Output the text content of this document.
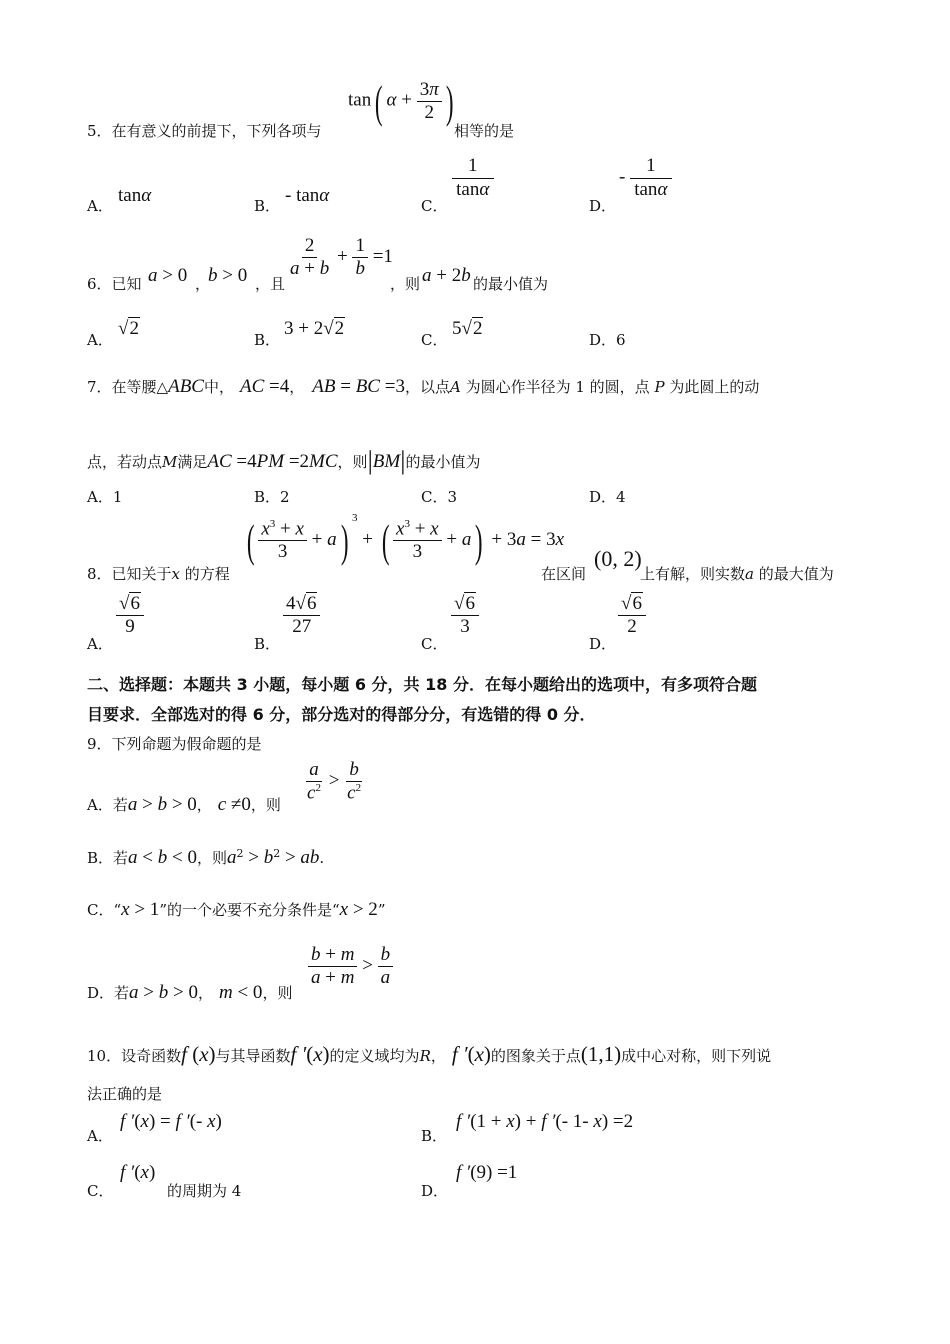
5．在有意义的前提下，下列各项与
tan( $\alpha + \frac{3\pi}{2}$ )
相等的是
A． tanα	B． - tanα	C．
$\frac{1}{\tan\alpha}$
D．
- $\frac{1}{\tan\alpha}$
6．已知 a > 0 ，
b > 0 ，且
$\frac{2}{a + b} + \frac{1}{b} =1$
，则 a + 2b 的最小值为
A．
√2
B．
3 + 2√2
C．
5√2
D．6
7．在等腰△ABC中， AC =4， AB = BC =3，以点A 为圆心作半径为 1 的圆，点 P 为此圆上的动
点，若动点M满足AC =4PM =2MC，则|BM|的最小值为
A．1	B．2	C．3	D．4
8．已知关于x 的方程
( $\frac{x^3 + x}{3} + a$) $^3$ + ( $\frac{x^3 + x}{3} + a) + 3a = 3x$
在区间
(0, 2)
上有解，则实数a 的最大值为
A．
$\frac{√6}{9}$
B．
$\frac{4√6}{27}$
C．
$\frac{√6}{3}$
D．
$\frac{√6}{2}$
二、选择题：本题共 3 小题，每小题 6 分，共 18 分．在每小题给出的选项中，有多项符合题
目要求．全部选对的得 6 分，部分选对的得部分分，有选错的得 0 分．
9．下列命题为假命题的是
A．若a > b > 0， c ≠0，则
$\frac{a}{c^2} > \frac{b}{c^2}$
B．若a < b < 0，则$a^2 > b^2$ > ab.
C．“x > 1”的一个必要不充分条件是“x > 2”
D．若a > b > 0， m < 0，则
$\frac{b + m}{a + m} > \frac{b}{a}$
10．设奇函数f (x)与其导函数f ′(x)的定义域均为R， f ′(x)的图象关于点(1,1)成中心对称，则下列说
法正确的是
A．
f ′(x) = f ′(- x)
B．
f ′(1 + x) + f ′(- 1- x) =2
C．
f ′(x)
的周期为 4	D．
f ′(9) =1
